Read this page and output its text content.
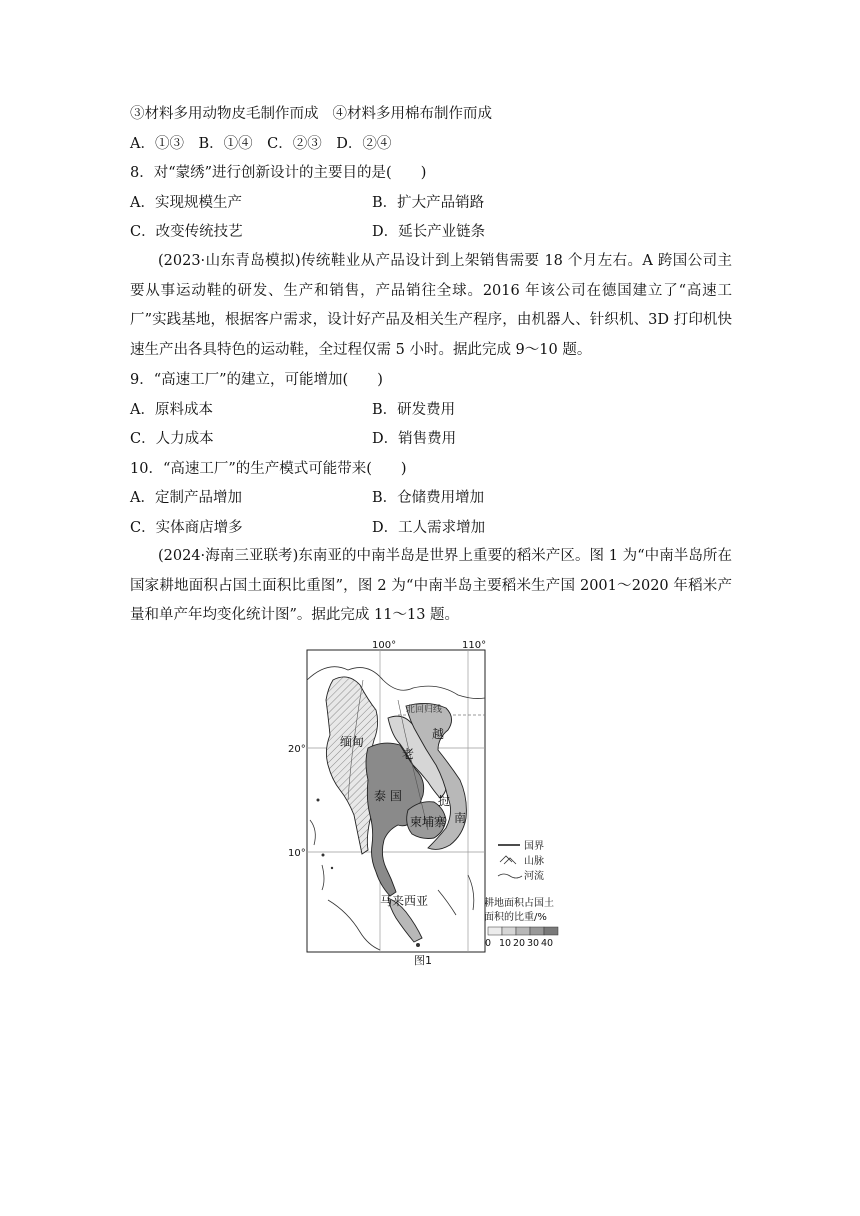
③材料多用动物皮毛制作而成 ④材料多用棉布制作而成
A．①③　B．①④　C．②③　D．②④
8．对“蒙绣”进行创新设计的主要目的是(　　)
A．实现规模生产	B．扩大产品销路
C．改变传统技艺	D．延长产业链条
(2023·山东青岛模拟)传统鞋业从产品设计到上架销售需要 18 个月左右。A 跨国公司主要从事运动鞋的研发、生产和销售，产品销往全球。2016 年该公司在德国建立了“高速工厂”实践基地，根据客户需求，设计好产品及相关生产程序，由机器人、针织机、3D 打印机快速生产出各具特色的运动鞋，全过程仅需 5 小时。据此完成 9～10 题。
9．“高速工厂”的建立，可能增加(　　)
A．原料成本	B．研发费用
C．人力成本	D．销售费用
10．“高速工厂”的生产模式可能带来(　　)
A．定制产品增加	B．仓储费用增加
C．实体商店增多	D．工人需求增加
(2024·海南三亚联考)东南亚的中南半岛是世界上重要的稻米产区。图 1 为“中南半岛所在国家耕地面积占国土面积比重图”，图 2 为“中南半岛主要稻米生产国 2001～2020 年稻米产量和单产年均变化统计图”。据此完成 11～13 题。
100°	110°
20°
10°
北回归线
缅甸
老
越
泰 国	挝
南
柬埔寨
马来西亚
国界
山脉
河流
耕地面积占国土
面积的比重/%
0 10 20 30 40
图1
